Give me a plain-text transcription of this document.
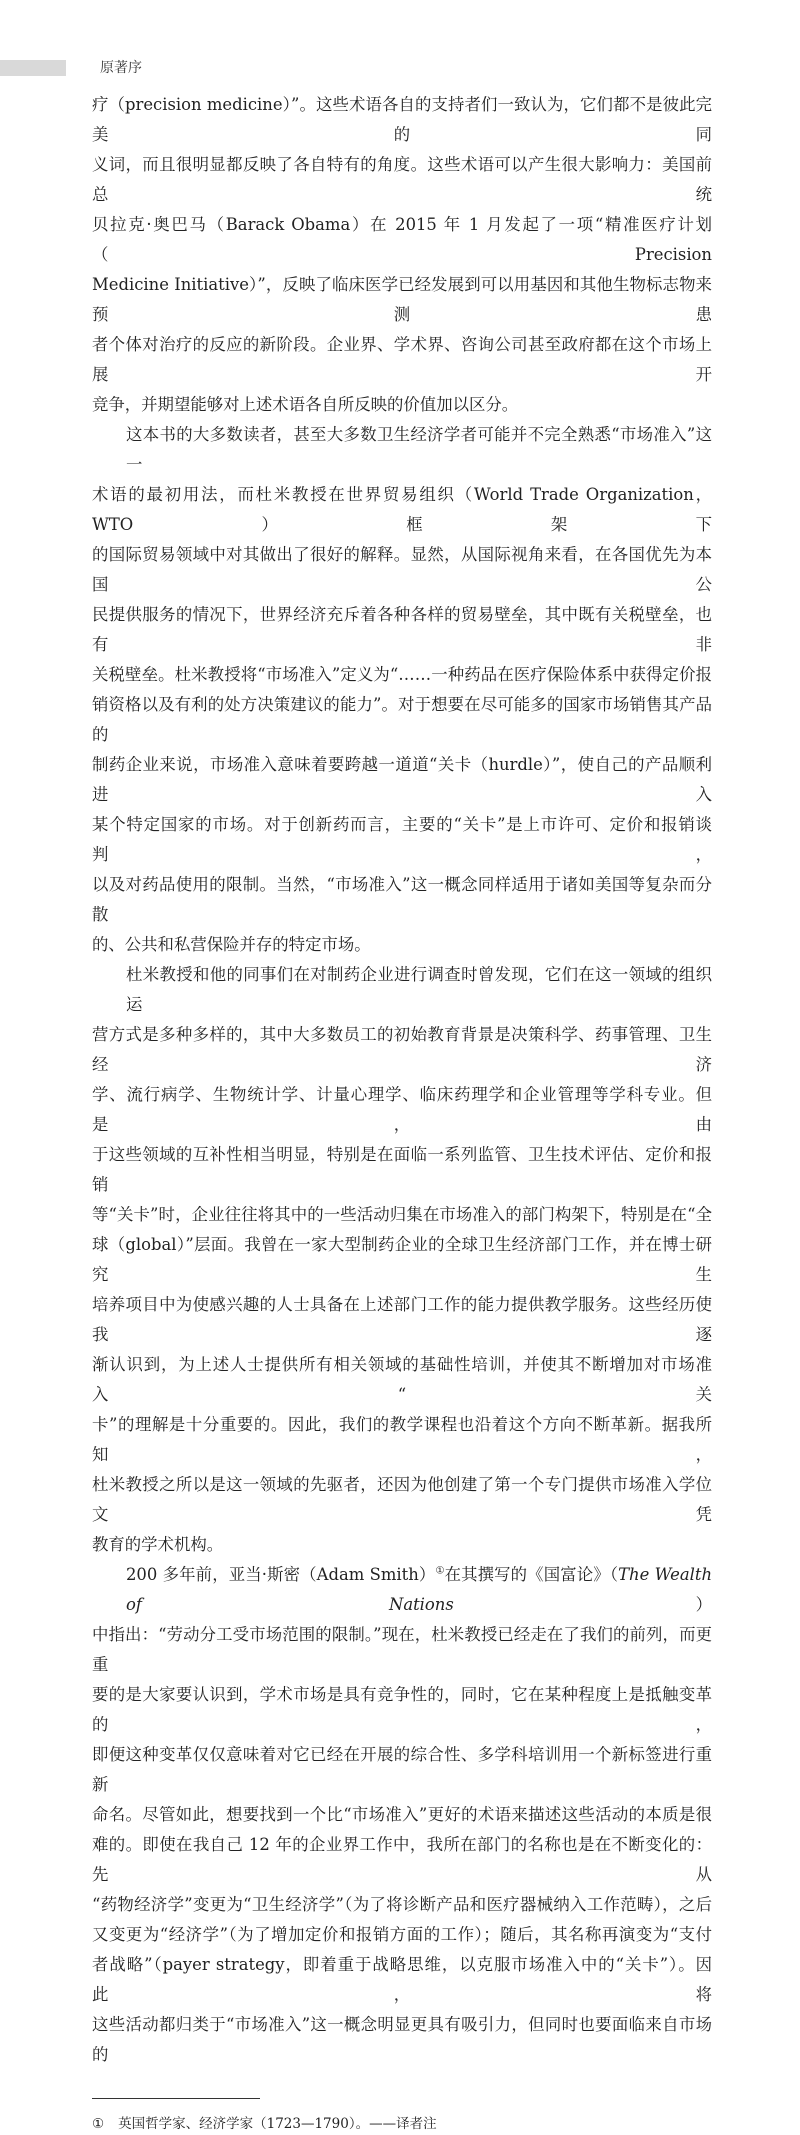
原著序
疗（precision medicine）”。这些术语各自的支持者们一致认为，它们都不是彼此完美的同
义词，而且很明显都反映了各自特有的角度。这些术语可以产生很大影响力：美国前总统
贝拉克·奥巴马（Barack Obama）在 2015 年 1 月发起了一项“精准医疗计划（Precision
Medicine Initiative）”，反映了临床医学已经发展到可以用基因和其他生物标志物来预测患
者个体对治疗的反应的新阶段。企业界、学术界、咨询公司甚至政府都在这个市场上展开
竞争，并期望能够对上述术语各自所反映的价值加以区分。
这本书的大多数读者，甚至大多数卫生经济学者可能并不完全熟悉“市场准入”这一
术语的最初用法，而杜米教授在世界贸易组织（World Trade Organization，WTO）框架下
的国际贸易领域中对其做出了很好的解释。显然，从国际视角来看，在各国优先为本国公
民提供服务的情况下，世界经济充斥着各种各样的贸易壁垒，其中既有关税壁垒，也有非
关税壁垒。杜米教授将“市场准入”定义为“……一种药品在医疗保险体系中获得定价报
销资格以及有利的处方决策建议的能力”。对于想要在尽可能多的国家市场销售其产品的
制药企业来说，市场准入意味着要跨越一道道“关卡（hurdle）”，使自己的产品顺利进入
某个特定国家的市场。对于创新药而言，主要的“关卡”是上市许可、定价和报销谈判，
以及对药品使用的限制。当然，“市场准入”这一概念同样适用于诸如美国等复杂而分散
的、公共和私营保险并存的特定市场。
杜米教授和他的同事们在对制药企业进行调查时曾发现，它们在这一领域的组织运
营方式是多种多样的，其中大多数员工的初始教育背景是决策科学、药事管理、卫生经济
学、流行病学、生物统计学、计量心理学、临床药理学和企业管理等学科专业。但是，由
于这些领域的互补性相当明显，特别是在面临一系列监管、卫生技术评估、定价和报销
等“关卡”时，企业往往将其中的一些活动归集在市场准入的部门构架下，特别是在“全
球（global）”层面。我曾在一家大型制药企业的全球卫生经济部门工作，并在博士研究生
培养项目中为使感兴趣的人士具备在上述部门工作的能力提供教学服务。这些经历使我逐
渐认识到，为上述人士提供所有相关领域的基础性培训，并使其不断增加对市场准入“关
卡”的理解是十分重要的。因此，我们的教学课程也沿着这个方向不断革新。据我所知，
杜米教授之所以是这一领域的先驱者，还因为他创建了第一个专门提供市场准入学位文凭
教育的学术机构。
200 多年前，亚当·斯密（Adam Smith）①在其撰写的《国富论》（The Wealth of Nations）
中指出：“劳动分工受市场范围的限制。”现在，杜米教授已经走在了我们的前列，而更重
要的是大家要认识到，学术市场是具有竞争性的，同时，它在某种程度上是抵触变革的，
即便这种变革仅仅意味着对它已经在开展的综合性、多学科培训用一个新标签进行重新
命名。尽管如此，想要找到一个比“市场准入”更好的术语来描述这些活动的本质是很
难的。即使在我自己 12 年的企业界工作中，我所在部门的名称也是在不断变化的：先从
“药物经济学”变更为“卫生经济学”（为了将诊断产品和医疗器械纳入工作范畴），之后
又变更为“经济学”（为了增加定价和报销方面的工作）；随后，其名称再演变为“支付
者战略”（payer strategy，即着重于战略思维，以克服市场准入中的“关卡”）。因此，将
这些活动都归类于“市场准入”这一概念明显更具有吸引力，但同时也要面临来自市场的
① 英国哲学家、经济学家（1723—1790）。——译者注
